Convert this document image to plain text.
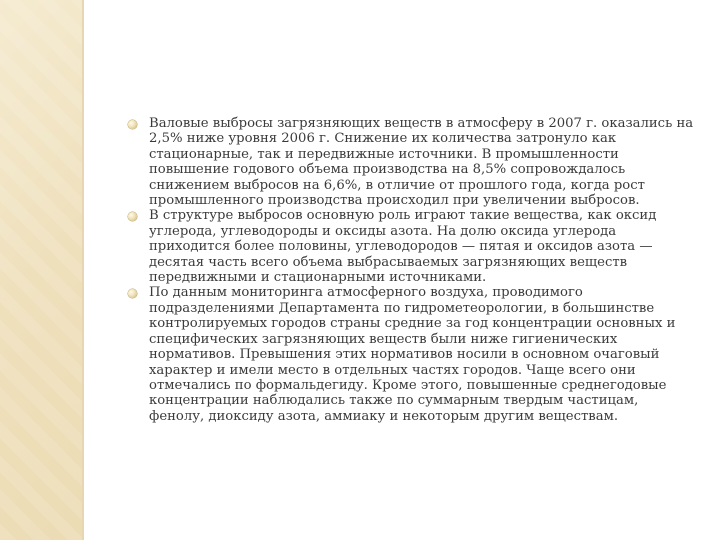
Валовые выбросы загрязняющих веществ в атмосферу в 2007 г. оказались на 2,5% ниже уровня 2006 г. Снижение их количества затронуло как стационарные, так и передвижные источники. В промышленности повышение годового объема производства на 8,5% сопровождалось снижением выбросов на 6,6%, в отличие от прошлого года, когда рост промышленного производства происходил при увеличении выбросов.
В структуре выбросов основную роль играют такие вещества, как оксид углерода, углеводороды и оксиды азота. На долю оксида углерода приходится более половины, углеводородов — пятая и оксидов азота — десятая часть всего объема выбрасываемых загрязняющих веществ передвижными и стационарными источниками.
По данным мониторинга атмосферного воздуха, проводимого подразделениями Департамента по гидрометеорологии, в большинстве контролируемых городов страны средние за год концентрации основных и специфических загрязняющих веществ были ниже гигиенических нормативов. Превышения этих нормативов носили в основном очаговый характер и имели место в отдельных частях городов. Чаще всего они отмечались по формальдегиду. Кроме этого, повышенные среднегодовые концентрации наблюдались также по суммарным твердым частицам, фенолу, диоксиду азота, аммиаку и некоторым другим веществам.
